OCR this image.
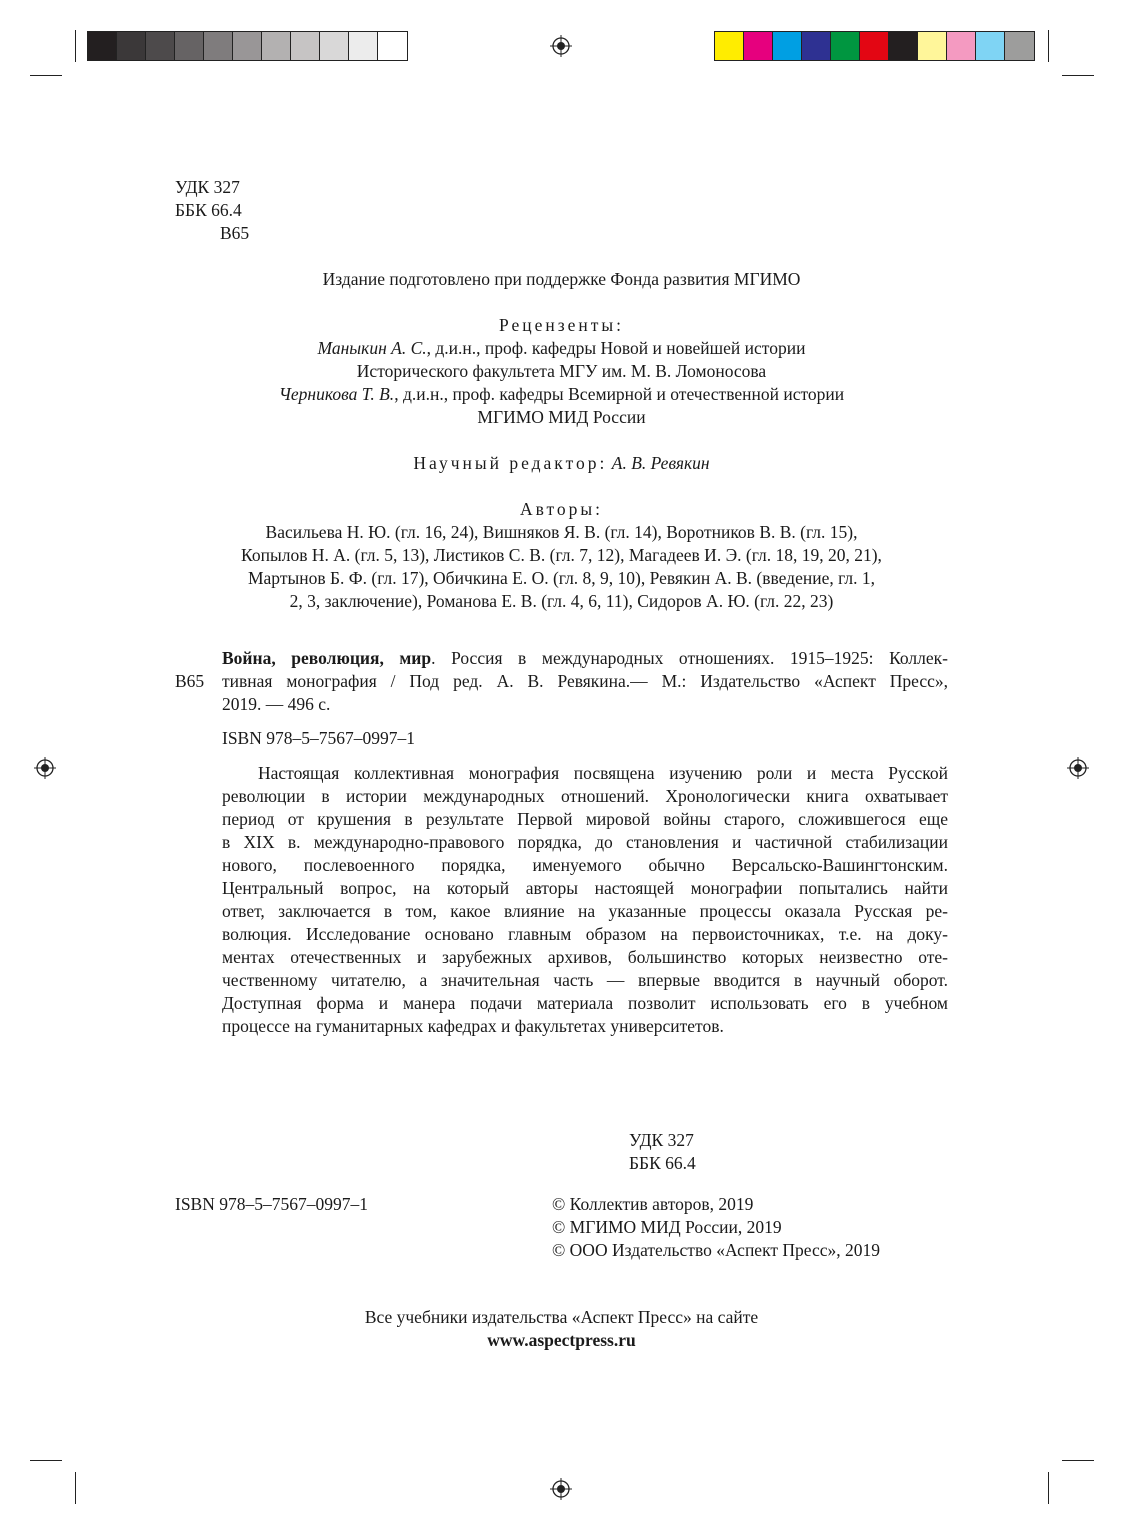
УДК 327
ББК 66.4
В65
Издание подготовлено при поддержке Фонда развития МГИМО
Рецензенты:
Маныкин А. С., д.и.н., проф. кафедры Новой и новейшей истории
Исторического факультета МГУ им. М. В. Ломоносова
Черникова Т. В., д.и.н., проф. кафедры Всемирной и отечественной истории
МГИМО МИД России
Научный редактор: А. В. Ревякин
Авторы:
Васильева Н. Ю. (гл. 16, 24), Вишняков Я. В. (гл. 14), Воротников В. В. (гл. 15),
Копылов Н. А. (гл. 5, 13), Листиков С. В. (гл. 7, 12), Магадеев И. Э. (гл. 18, 19, 20, 21),
Мартынов Б. Ф. (гл. 17), Обичкина Е. О. (гл. 8, 9, 10), Ревякин А. В. (введение, гл. 1,
2, 3, заключение), Романова Е. В. (гл. 4, 6, 11), Сидоров А. Ю. (гл. 22, 23)
В65
Война, революция, мир. Россия в международных отношениях. 1915–1925: Коллек-
тивная монография / Под ред. А. В. Ревякина.— М.: Издательство «Аспект Пресс»,
2019. — 496 с.
ISBN 978–5–7567–0997–1
Настоящая коллективная монография посвящена изучению роли и места Русской
революции в истории международных отношений. Хронологически книга охватывает
период от крушения в результате Первой мировой войны старого, сложившегося еще
в XIX в. международно-правового порядка, до становления и частичной стабилизации
нового, послевоенного порядка, именуемого обычно Версальско-Вашингтонским.
Центральный вопрос, на который авторы настоящей монографии попытались найти
ответ, заключается в том, какое влияние на указанные процессы оказала Русская ре-
волюция. Исследование основано главным образом на первоисточниках, т.е. на доку-
ментах отечественных и зарубежных архивов, большинство которых неизвестно оте-
чественному читателю, а значительная часть — впервые вводится в научный оборот.
Доступная форма и манера подачи материала позволит использовать его в учебном
процессе на гуманитарных кафедрах и факультетах университетов.
УДК 327
ББК 66.4
ISBN 978–5–7567–0997–1	© Коллектив авторов, 2019
© МГИМО МИД России, 2019
© ООО Издательство «Аспект Пресс», 2019
Все учебники издательства «Аспект Пресс» на сайте
www.aspectpress.ru
